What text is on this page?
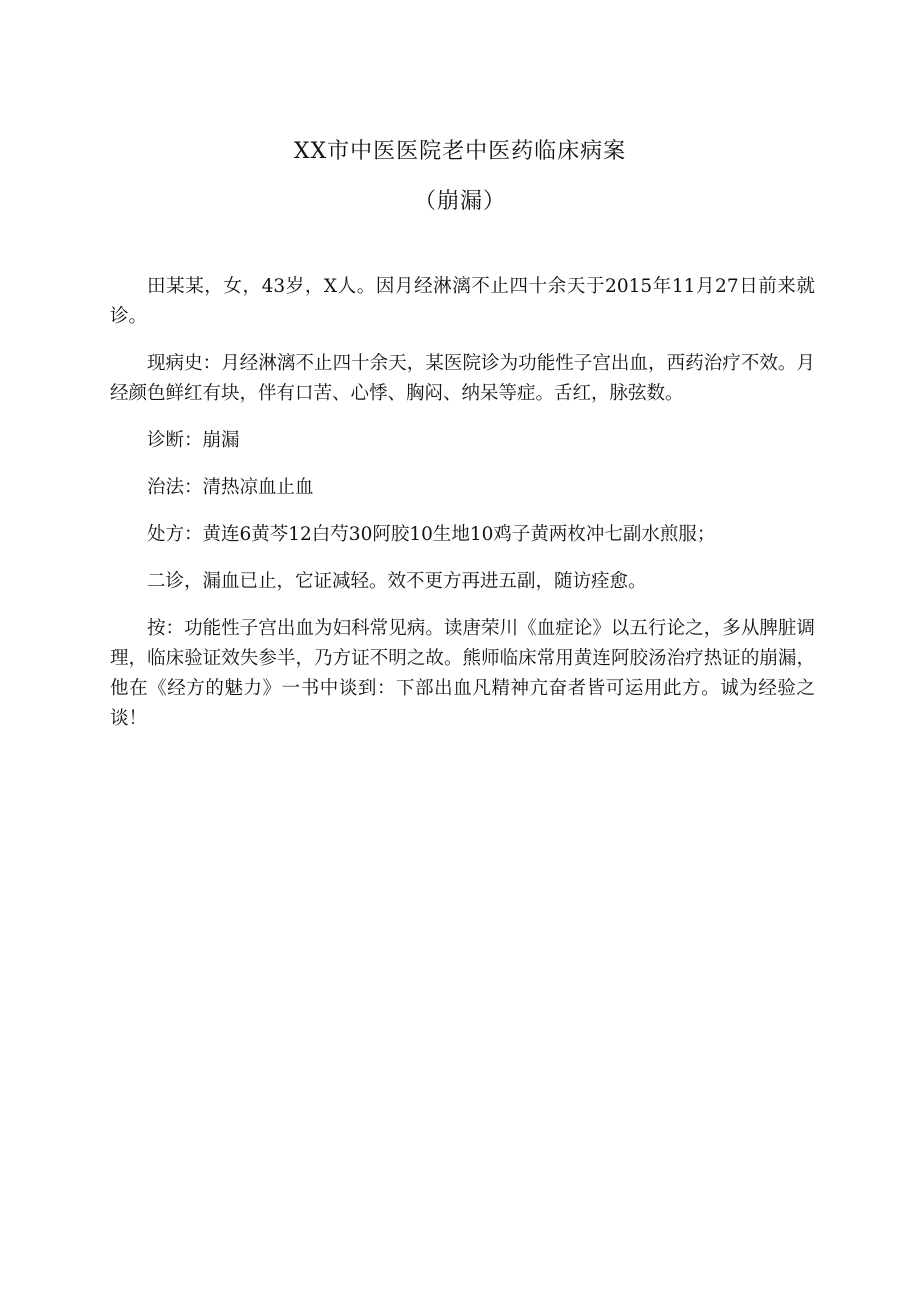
XX市中医医院老中医药临床病案
（崩漏）

田某某，女，43岁，X人。因月经淋漓不止四十余天于2015年11月27日前来就诊。

现病史：月经淋漓不止四十余天，某医院诊为功能性子宫出血，西药治疗不效。月经颜色鲜红有块，伴有口苦、心悸、胸闷、纳呆等症。舌红，脉弦数。

诊断：崩漏

治法：清热凉血止血

处方：黄连6黄芩12白芍30阿胶10生地10鸡子黄两枚冲七副水煎服；

二诊，漏血已止，它证减轻。效不更方再进五副，随访痊愈。

按：功能性子宫出血为妇科常见病。读唐荣川《血症论》以五行论之，多从脾脏调理，临床验证效失参半，乃方证不明之故。熊师临床常用黄连阿胶汤治疗热证的崩漏，他在《经方的魅力》一书中谈到：下部出血凡精神亢奋者皆可运用此方。诚为经验之谈！
